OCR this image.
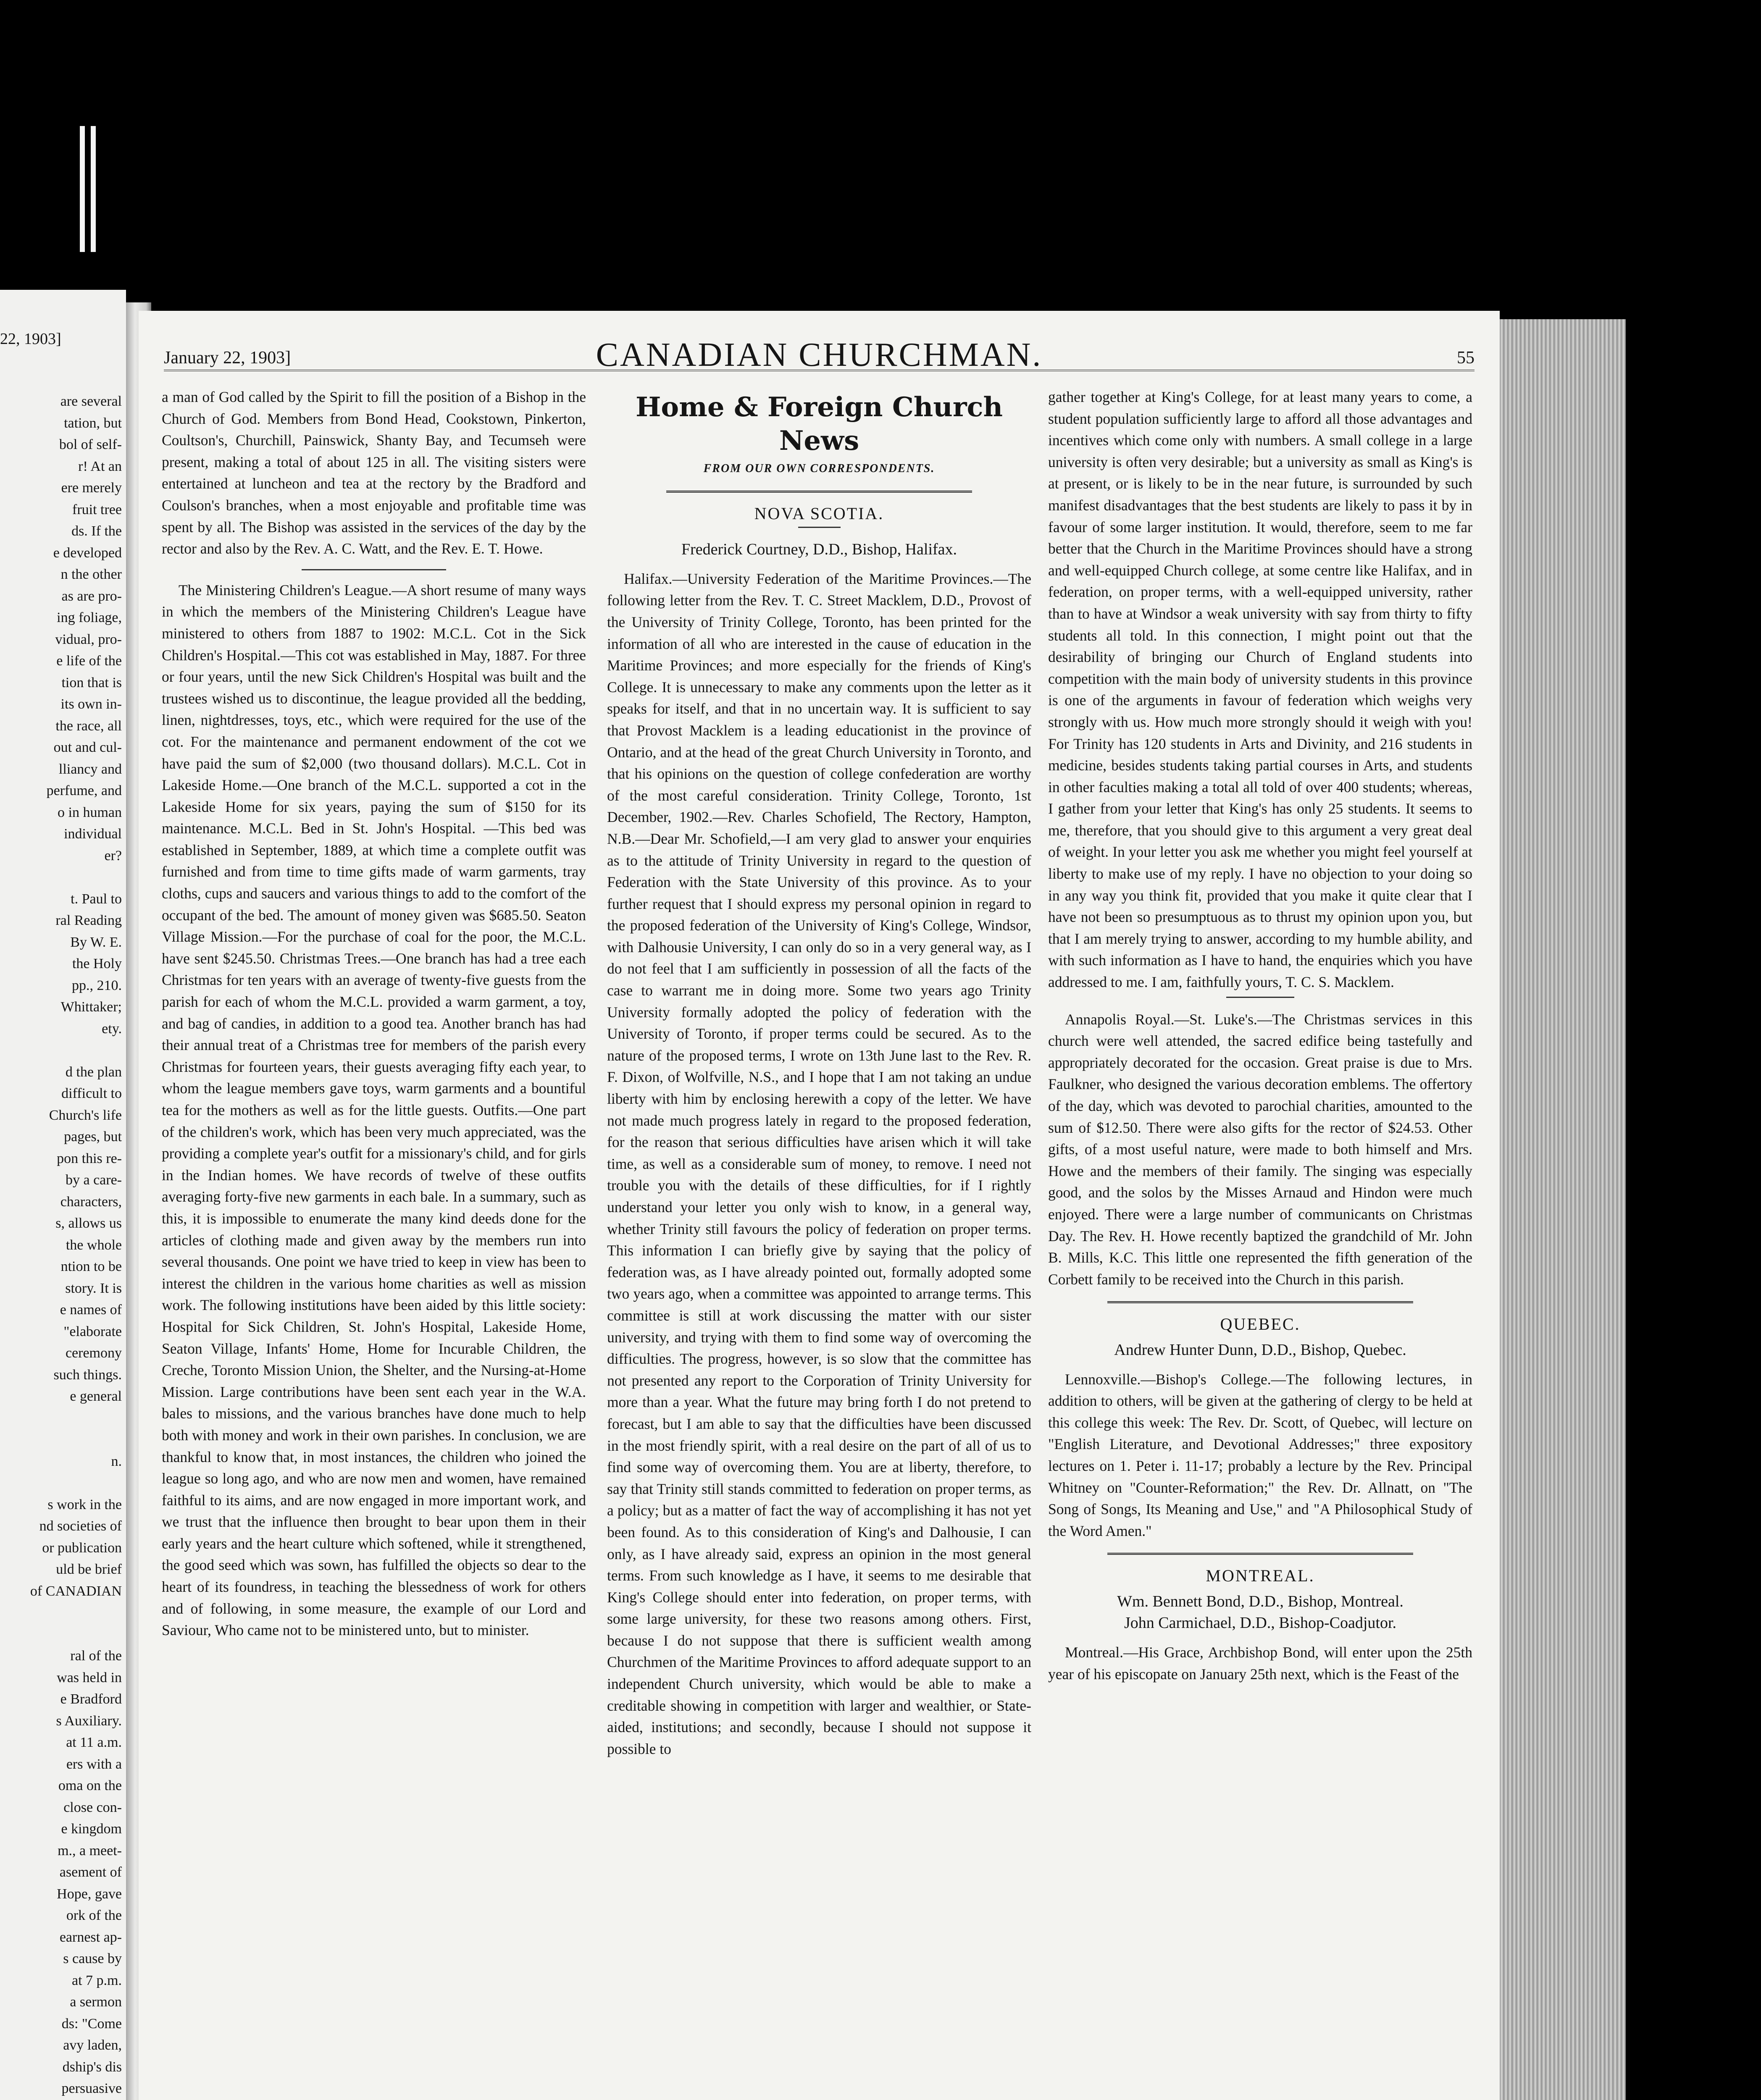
22, 1903]
are several
tation, but
bol of self-
r! At an
ere merely
fruit tree
ds. If the
e developed
n the other
as are pro-
ing foliage,
vidual, pro-
e life of the
tion that is
its own in-
the race, all
out and cul-
lliancy and
perfume, and
o in human
individual
er?
t. Paul to
ral Reading
By W. E.
the Holy
pp., 210.
Whittaker;
ety.
d the plan
difficult to
Church's life
pages, but
pon this re-
by a care-
characters,
s, allows us
the whole
ntion to be
story. It is
e names of
"elaborate
ceremony
such things.
e general
n.
s work in the
nd societies of
or publication
uld be brief
of CANADIAN
ral of the
was held in
e Bradford
s Auxiliary.
at 11 a.m.
ers with a
oma on the
close con-
e kingdom
m., a meet-
asement of
Hope, gave
ork of the
earnest ap-
s cause by
at 7 p.m.
a sermon
ds: "Come
avy laden,
dship's dis
persuasive
January 22, 1903]	CANADIAN CHURCHMAN.	55

a man of God called by the Spirit to fill the position of a Bishop in the Church of God. Members from Bond Head, Cookstown, Pinkerton, Coultson's, Churchill, Painswick, Shanty Bay, and Tecumseh were present, making a total of about 125 in all. The visiting sisters were entertained at luncheon and tea at the rectory by the Bradford and Coulson's branches, when a most enjoyable and profitable time was spent by all. The Bishop was assisted in the services of the day by the rector and also by the Rev. A. C. Watt, and the Rev. E. T. Howe.

The Ministering Children's League.—A short resume of many ways in which the members of the Ministering Children's League have ministered to others from 1887 to 1902: M.C.L. Cot in the Sick Children's Hospital.—This cot was established in May, 1887. For three or four years, until the new Sick Children's Hospital was built and the trustees wished us to discontinue, the league provided all the bedding, linen, nightdresses, toys, etc., which were required for the use of the cot. For the maintenance and permanent endowment of the cot we have paid the sum of $2,000 (two thousand dollars). M.C.L. Cot in Lakeside Home.—One branch of the M.C.L. supported a cot in the Lakeside Home for six years, paying the sum of $150 for its maintenance. M.C.L. Bed in St. John's Hospital. —This bed was established in September, 1889, at which time a complete outfit was furnished and from time to time gifts made of warm garments, tray cloths, cups and saucers and various things to add to the comfort of the occupant of the bed. The amount of money given was $685.50. Seaton Village Mission.—For the purchase of coal for the poor, the M.C.L. have sent $245.50. Christmas Trees.—One branch has had a tree each Christmas for ten years with an average of twenty-five guests from the parish for each of whom the M.C.L. provided a warm garment, a toy, and bag of candies, in addition to a good tea. Another branch has had their annual treat of a Christmas tree for members of the parish every Christmas for fourteen years, their guests averaging fifty each year, to whom the league members gave toys, warm garments and a bountiful tea for the mothers as well as for the little guests. Outfits.—One part of the children's work, which has been very much appreciated, was the providing a complete year's outfit for a missionary's child, and for girls in the Indian homes. We have records of twelve of these outfits averaging forty-five new garments in each bale. In a summary, such as this, it is impossible to enumerate the many kind deeds done for the articles of clothing made and given away by the members run into several thousands. One point we have tried to keep in view has been to interest the children in the various home charities as well as mission work. The following institutions have been aided by this little society: Hospital for Sick Children, St. John's Hospital, Lakeside Home, Seaton Village, Infants' Home, Home for Incurable Children, the Creche, Toronto Mission Union, the Shelter, and the Nursing-at-Home Mission. Large contributions have been sent each year in the W.A. bales to missions, and the various branches have done much to help both with money and work in their own parishes. In conclusion, we are thankful to know that, in most instances, the children who joined the league so long ago, and who are now men and women, have remained faithful to its aims, and are now engaged in more important work, and we trust that the influence then brought to bear upon them in their early years and the heart culture which softened, while it strengthened, the good seed which was sown, has fulfilled the objects so dear to the heart of its foundress, in teaching the blessedness of work for others and of following, in some measure, the example of our Lord and Saviour, Who came not to be ministered unto, but to minister.

Home & Foreign Church News
FROM OUR OWN CORRESPONDENTS.
NOVA SCOTIA.
Frederick Courtney, D.D., Bishop, Halifax.

Halifax.—University Federation of the Maritime Provinces.—The following letter from the Rev. T. C. Street Macklem, D.D., Provost of the University of Trinity College, Toronto, has been printed for the information of all who are interested in the cause of education in the Maritime Provinces; and more especially for the friends of King's College. It is unnecessary to make any comments upon the letter as it speaks for itself, and that in no uncertain way. It is sufficient to say that Provost Macklem is a leading educationist in the province of Ontario, and at the head of the great Church University in Toronto, and that his opinions on the question of college confederation are worthy of the most careful consideration. Trinity College, Toronto, 1st December, 1902.—Rev. Charles Schofield, The Rectory, Hampton, N.B.—Dear Mr. Schofield,—I am very glad to answer your enquiries as to the attitude of Trinity University in regard to the question of Federation with the State University of this province. As to your further request that I should express my personal opinion in regard to the proposed federation of the University of King's College, Windsor, with Dalhousie University, I can only do so in a very general way, as I do not feel that I am sufficiently in possession of all the facts of the case to warrant me in doing more. Some two years ago Trinity University formally adopted the policy of federation with the University of Toronto, if proper terms could be secured. As to the nature of the proposed terms, I wrote on 13th June last to the Rev. R. F. Dixon, of Wolfville, N.S., and I hope that I am not taking an undue liberty with him by enclosing herewith a copy of the letter. We have not made much progress lately in regard to the proposed federation, for the reason that serious difficulties have arisen which it will take time, as well as a considerable sum of money, to remove. I need not trouble you with the details of these difficulties, for if I rightly understand your letter you only wish to know, in a general way, whether Trinity still favours the policy of federation on proper terms. This information I can briefly give by saying that the policy of federation was, as I have already pointed out, formally adopted some two years ago, when a committee was appointed to arrange terms. This committee is still at work discussing the matter with our sister university, and trying with them to find some way of overcoming the difficulties. The progress, however, is so slow that the committee has not presented any report to the Corporation of Trinity University for more than a year. What the future may bring forth I do not pretend to forecast, but I am able to say that the difficulties have been discussed in the most friendly spirit, with a real desire on the part of all of us to find some way of overcoming them. You are at liberty, therefore, to say that Trinity still stands committed to federation on proper terms, as a policy; but as a matter of fact the way of accomplishing it has not yet been found. As to this consideration of King's and Dalhousie, I can only, as I have already said, express an opinion in the most general terms. From such knowledge as I have, it seems to me desirable that King's College should enter into federation, on proper terms, with some large university, for these two reasons among others. First, because I do not suppose that there is sufficient wealth among Churchmen of the Maritime Provinces to afford adequate support to an independent Church university, which would be able to make a creditable showing in competition with larger and wealthier, or State-aided, institutions; and secondly, because I should not suppose it possible to

gather together at King's College, for at least many years to come, a student population sufficiently large to afford all those advantages and incentives which come only with numbers. A small college in a large university is often very desirable; but a university as small as King's is at present, or is likely to be in the near future, is surrounded by such manifest disadvantages that the best students are likely to pass it by in favour of some larger institution. It would, therefore, seem to me far better that the Church in the Maritime Provinces should have a strong and well-equipped Church college, at some centre like Halifax, and in federation, on proper terms, with a well-equipped university, rather than to have at Windsor a weak university with say from thirty to fifty students all told. In this connection, I might point out that the desirability of bringing our Church of England students into competition with the main body of university students in this province is one of the arguments in favour of federation which weighs very strongly with us. How much more strongly should it weigh with you! For Trinity has 120 students in Arts and Divinity, and 216 students in medicine, besides students taking partial courses in Arts, and students in other faculties making a total all told of over 400 students; whereas, I gather from your letter that King's has only 25 students. It seems to me, therefore, that you should give to this argument a very great deal of weight. In your letter you ask me whether you might feel yourself at liberty to make use of my reply. I have no objection to your doing so in any way you think fit, provided that you make it quite clear that I have not been so presumptuous as to thrust my opinion upon you, but that I am merely trying to answer, according to my humble ability, and with such information as I have to hand, the enquiries which you have addressed to me. I am, faithfully yours, T. C. S. Macklem.

Annapolis Royal.—St. Luke's.—The Christmas services in this church were well attended, the sacred edifice being tastefully and appropriately decorated for the occasion. Great praise is due to Mrs. Faulkner, who designed the various decoration emblems. The offertory of the day, which was devoted to parochial charities, amounted to the sum of $12.50. There were also gifts for the rector of $24.53. Other gifts, of a most useful nature, were made to both himself and Mrs. Howe and the members of their family. The singing was especially good, and the solos by the Misses Arnaud and Hindon were much enjoyed. There were a large number of communicants on Christmas Day. The Rev. H. Howe recently baptized the grandchild of Mr. John B. Mills, K.C. This little one represented the fifth generation of the Corbett family to be received into the Church in this parish.

QUEBEC.
Andrew Hunter Dunn, D.D., Bishop, Quebec.

Lennoxville.—Bishop's College.—The following lectures, in addition to others, will be given at the gathering of clergy to be held at this college this week: The Rev. Dr. Scott, of Quebec, will lecture on "English Literature, and Devotional Addresses;" three expository lectures on 1. Peter i. 11-17; probably a lecture by the Rev. Principal Whitney on "Counter-Reformation;" the Rev. Dr. Allnatt, on "The Song of Songs, Its Meaning and Use," and "A Philosophical Study of the Word Amen."

MONTREAL.
Wm. Bennett Bond, D.D., Bishop, Montreal.
John Carmichael, D.D., Bishop-Coadjutor.

Montreal.—His Grace, Archbishop Bond, will enter upon the 25th year of his episcopate on January 25th next, which is the Feast of the
